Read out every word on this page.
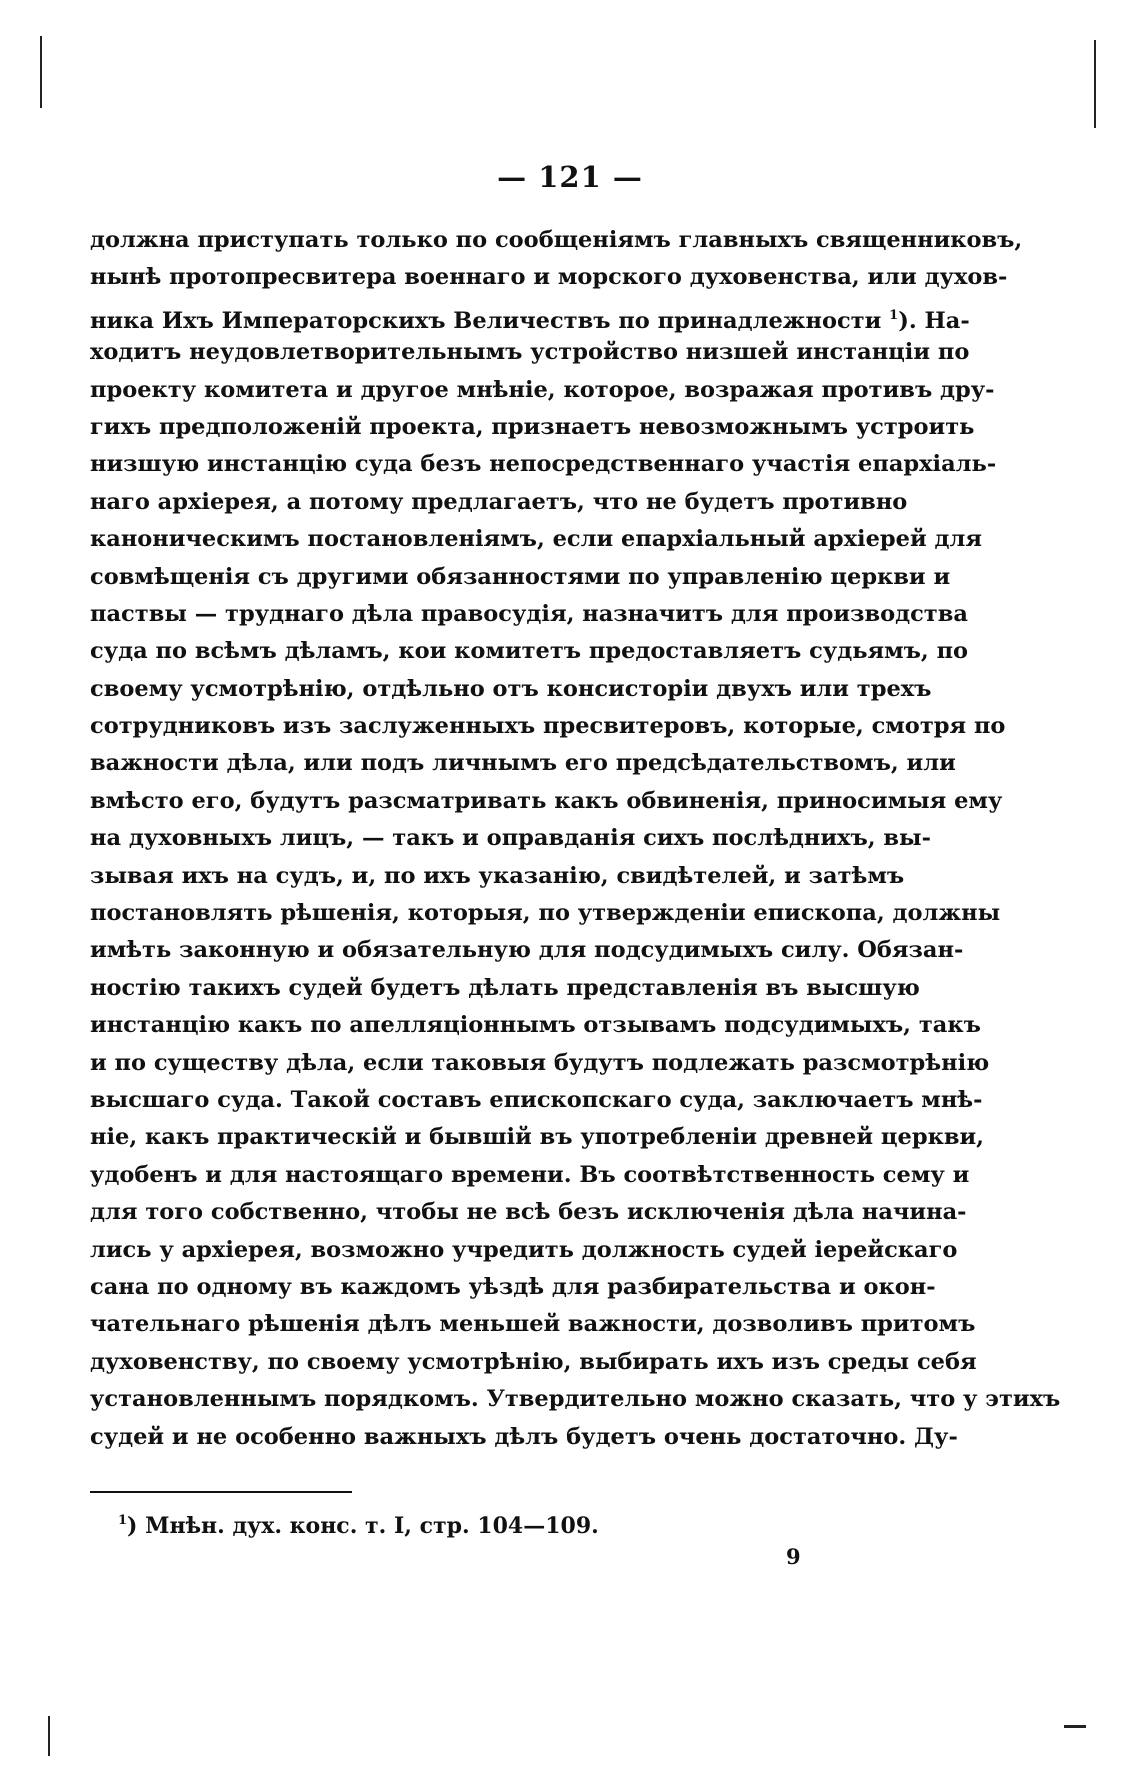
— 121 —
должна приступать только по сообщеніямъ главныхъ священниковъ,
нынѣ протопресвитера военнаго и морского духовенства, или духов-
ника Ихъ Императорскихъ Величествъ по принадлежности $^1$). На-
ходитъ неудовлетворительнымъ устройство низшей инстанціи по
проекту комитета и другое мнѣніе, которое, возражая противъ дру-
гихъ предположеній проекта, признаетъ невозможнымъ устроить
низшую инстанцію суда безъ непосредственнаго участія епархіаль-
наго архіерея, а потому предлагаетъ, что не будетъ противно
каноническимъ постановленіямъ, если епархіальный архіерей для
совмѣщенія съ другими обязанностями по управленію церкви и
паствы — труднаго дѣла правосудія, назначитъ для производства
суда по всѣмъ дѣламъ, кои комитетъ предоставляетъ судьямъ, по
своему усмотрѣнію, отдѣльно отъ консисторіи двухъ или трехъ
сотрудниковъ изъ заслуженныхъ пресвитеровъ, которые, смотря по
важности дѣла, или подъ личнымъ его предсѣдательствомъ, или
вмѣсто его, будутъ разсматривать какъ обвиненія, приносимыя ему
на духовныхъ лицъ, — такъ и оправданія сихъ послѣднихъ, вы-
зывая ихъ на судъ, и, по ихъ указанію, свидѣтелей, и затѣмъ
постановлять рѣшенія, которыя, по утвержденіи епископа, должны
имѣть законную и обязательную для подсудимыхъ силу. Обязан-
ностію такихъ судей будетъ дѣлать представленія въ высшую
инстанцію какъ по апелляціоннымъ отзывамъ подсудимыхъ, такъ
и по существу дѣла, если таковыя будутъ подлежать разсмотрѣнію
высшаго суда. Такой составъ епископскаго суда, заключаетъ мнѣ-
ніе, какъ практическій и бывшій въ употребленіи древней церкви,
удобенъ и для настоящаго времени. Въ соотвѣтственность сему и
для того собственно, чтобы не всѣ безъ исключенія дѣла начина-
лись у архіерея, возможно учредить должность судей іерейскаго
сана по одному въ каждомъ уѣздѣ для разбирательства и окон-
чательнаго рѣшенія дѣлъ меньшей важности, дозволивъ притомъ
духовенству, по своему усмотрѣнію, выбирать ихъ изъ среды себя
установленнымъ порядкомъ. Утвердительно можно сказать, что у этихъ
судей и не особенно важныхъ дѣлъ будетъ очень достаточно. Ду-
$^1$) Мнѣн. дух. конс. т. I, стр. 104—109.
9
